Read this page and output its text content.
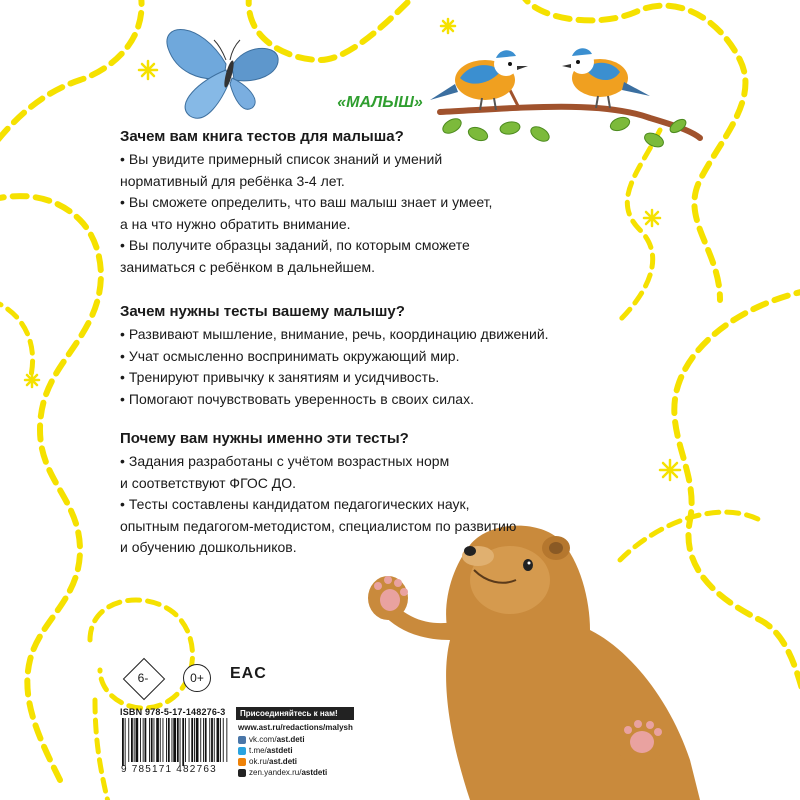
«МАЛЫШ»
Зачем вам книга тестов для малыша?
• Вы увидите примерный список знаний и умений
нормативный для ребёнка 3-4 лет.
• Вы сможете определить, что ваш малыш знает и умеет,
а на что нужно обратить внимание.
• Вы получите образцы заданий, по которым сможете
заниматься с ребёнком в дальнейшем.
Зачем нужны тесты вашему малышу?
• Развивают мышление, внимание, речь, координацию движений.
• Учат осмысленно воспринимать окружающий мир.
• Тренируют привычку к занятиям и усидчивость.
• Помогают почувствовать уверенность в своих силах.
Почему вам нужны именно эти тесты?
• Задания разработаны с учётом возрастных норм
и соответствуют ФГОС ДО.
• Тесты составлены кандидатом педагогических наук,
опытным педагогом-методистом, специалистом по развитию
и обучению дошкольников.
6-	0+	EAC
ISBN 978-5-17-148276-3
9 785171 482763
Присоединяйтесь к нам!
www.ast.ru/redactions/malysh
vk.com/ ast.deti
t.me/ astdeti
ok.ru/ ast.deti
zen.yandex.ru/ astdeti
